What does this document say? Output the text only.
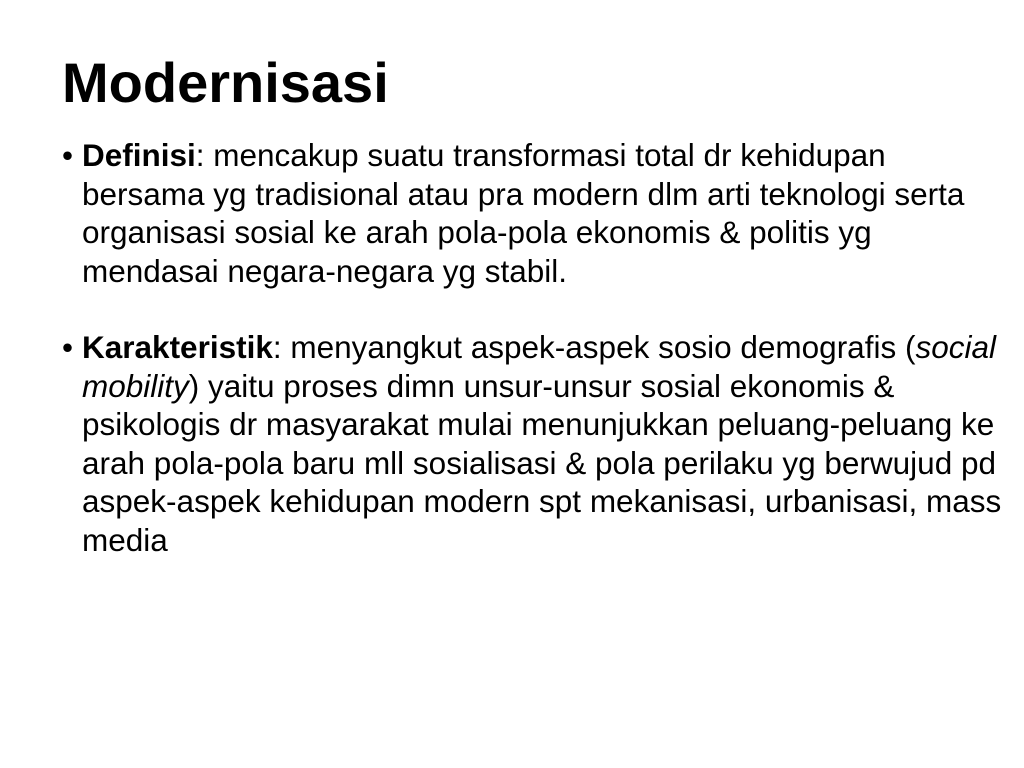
Modernisasi
• Definisi: mencakup suatu transformasi total dr kehidupan bersama yg tradisional atau pra modern dlm arti teknologi serta organisasi sosial ke arah pola-pola ekonomis & politis yg mendasai negara-negara yg stabil.
• Karakteristik: menyangkut aspek-aspek sosio demografis (social mobility) yaitu proses dimn unsur-unsur sosial ekonomis & psikologis dr masyarakat mulai menunjukkan peluang-peluang ke arah pola-pola baru mll sosialisasi & pola perilaku yg berwujud pd aspek-aspek kehidupan modern spt mekanisasi, urbanisasi, mass media
